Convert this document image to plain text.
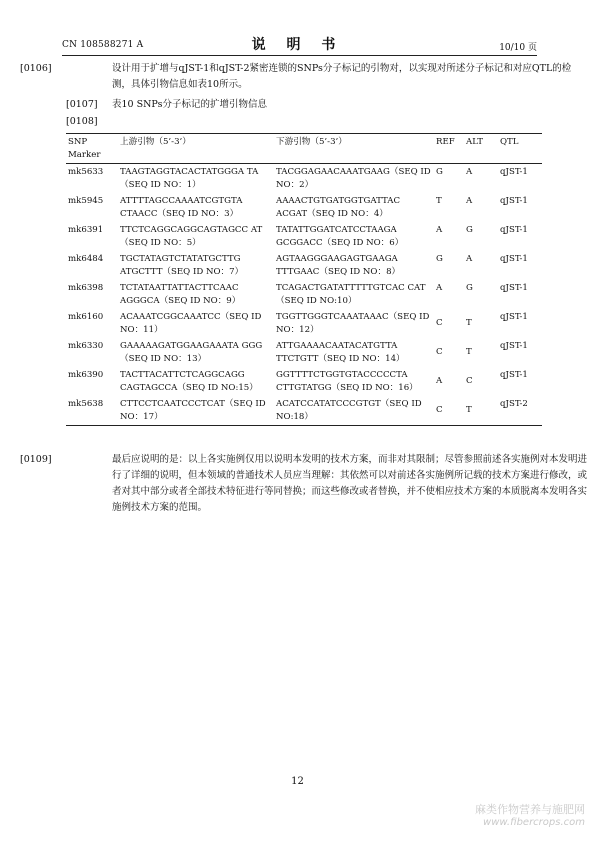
CN 108588271 A	说 明 书	10/10 页
[0106]	设计用于扩增与qJST-1和qJST-2紧密连锁的SNPs分子标记的引物对，以实现对所述分子标记和对应QTL的检测，具体引物信息如表10所示。
[0107] 表10 SNPs分子标记的扩增引物信息
[0108]
SNP Marker	上游引物（5’-3’）	下游引物（5’-3’）	REF	ALT	QTL
mk5633	TAAGTAGGTACACTATGGGA TA（SEQ ID NO：1）	TACGGAGAACAAATGAAG（SEQ ID NO：2）	G	A	qJST-1
mk5945	ATTTTAGCCAAAATCGTGTA CTAACC（SEQ ID NO：3）	AAAACTGTGATGGTGATTAC ACGAT（SEQ ID NO：4）	T	A	qJST-1
mk6391	TTCTCAGGCAGGCAGTAGCC AT（SEQ ID NO：5）	TATATTGGATCATCCTAAGA GCGGACC（SEQ ID NO：6）	A	G	qJST-1
mk6484	TGCTATAGTCTATATGCTTG ATGCTTT（SEQ ID NO：7）	AGTAAGGGAAGAGTGAAGA TTTGAAC（SEQ ID NO：8）	G	A	qJST-1
mk6398	TCTATAATTATTACTTCAAC AGGGCA（SEQ ID NO：9）	TCAGACTGATATTTTTGTCAC CAT（SEQ ID NO:10）	A	G	qJST-1
mk6160	ACAAATCGGCAAATCC（SEQ ID NO：11）	TGGTTGGGTCAAATAAAC（SEQ ID NO：12）	C	T	qJST-1
mk6330	GAAAAAGATGGAAGAAATA GGG（SEQ ID NO：13）	ATTGAAAACAATACATGTTA TTCTGTT（SEQ ID NO：14）	C	T	qJST-1
mk6390	TACTTACATTCTCAGGCAGG CAGTAGCCA（SEQ ID NO:15）	GGTTTTCTGGTGTACCCCCTA CTTGTATGG（SEQ ID NO：16）	A	C	qJST-1
mk5638	CTTCCTCAATCCCTCAT（SEQ ID NO：17）	ACATCCATATCCCGTGT（SEQ ID NO:18）	C	T	qJST-2
[0109]	最后应说明的是：以上各实施例仅用以说明本发明的技术方案，而非对其限制；尽管参照前述各实施例对本发明进行了详细的说明，但本领域的普通技术人员应当理解：其依然可以对前述各实施例所记载的技术方案进行修改，或者对其中部分或者全部技术特征进行等同替换；而这些修改或者替换，并不使相应技术方案的本质脱离本发明各实施例技术方案的范围。
12
麻类作物营养与施肥网
www.fibercrops.com
